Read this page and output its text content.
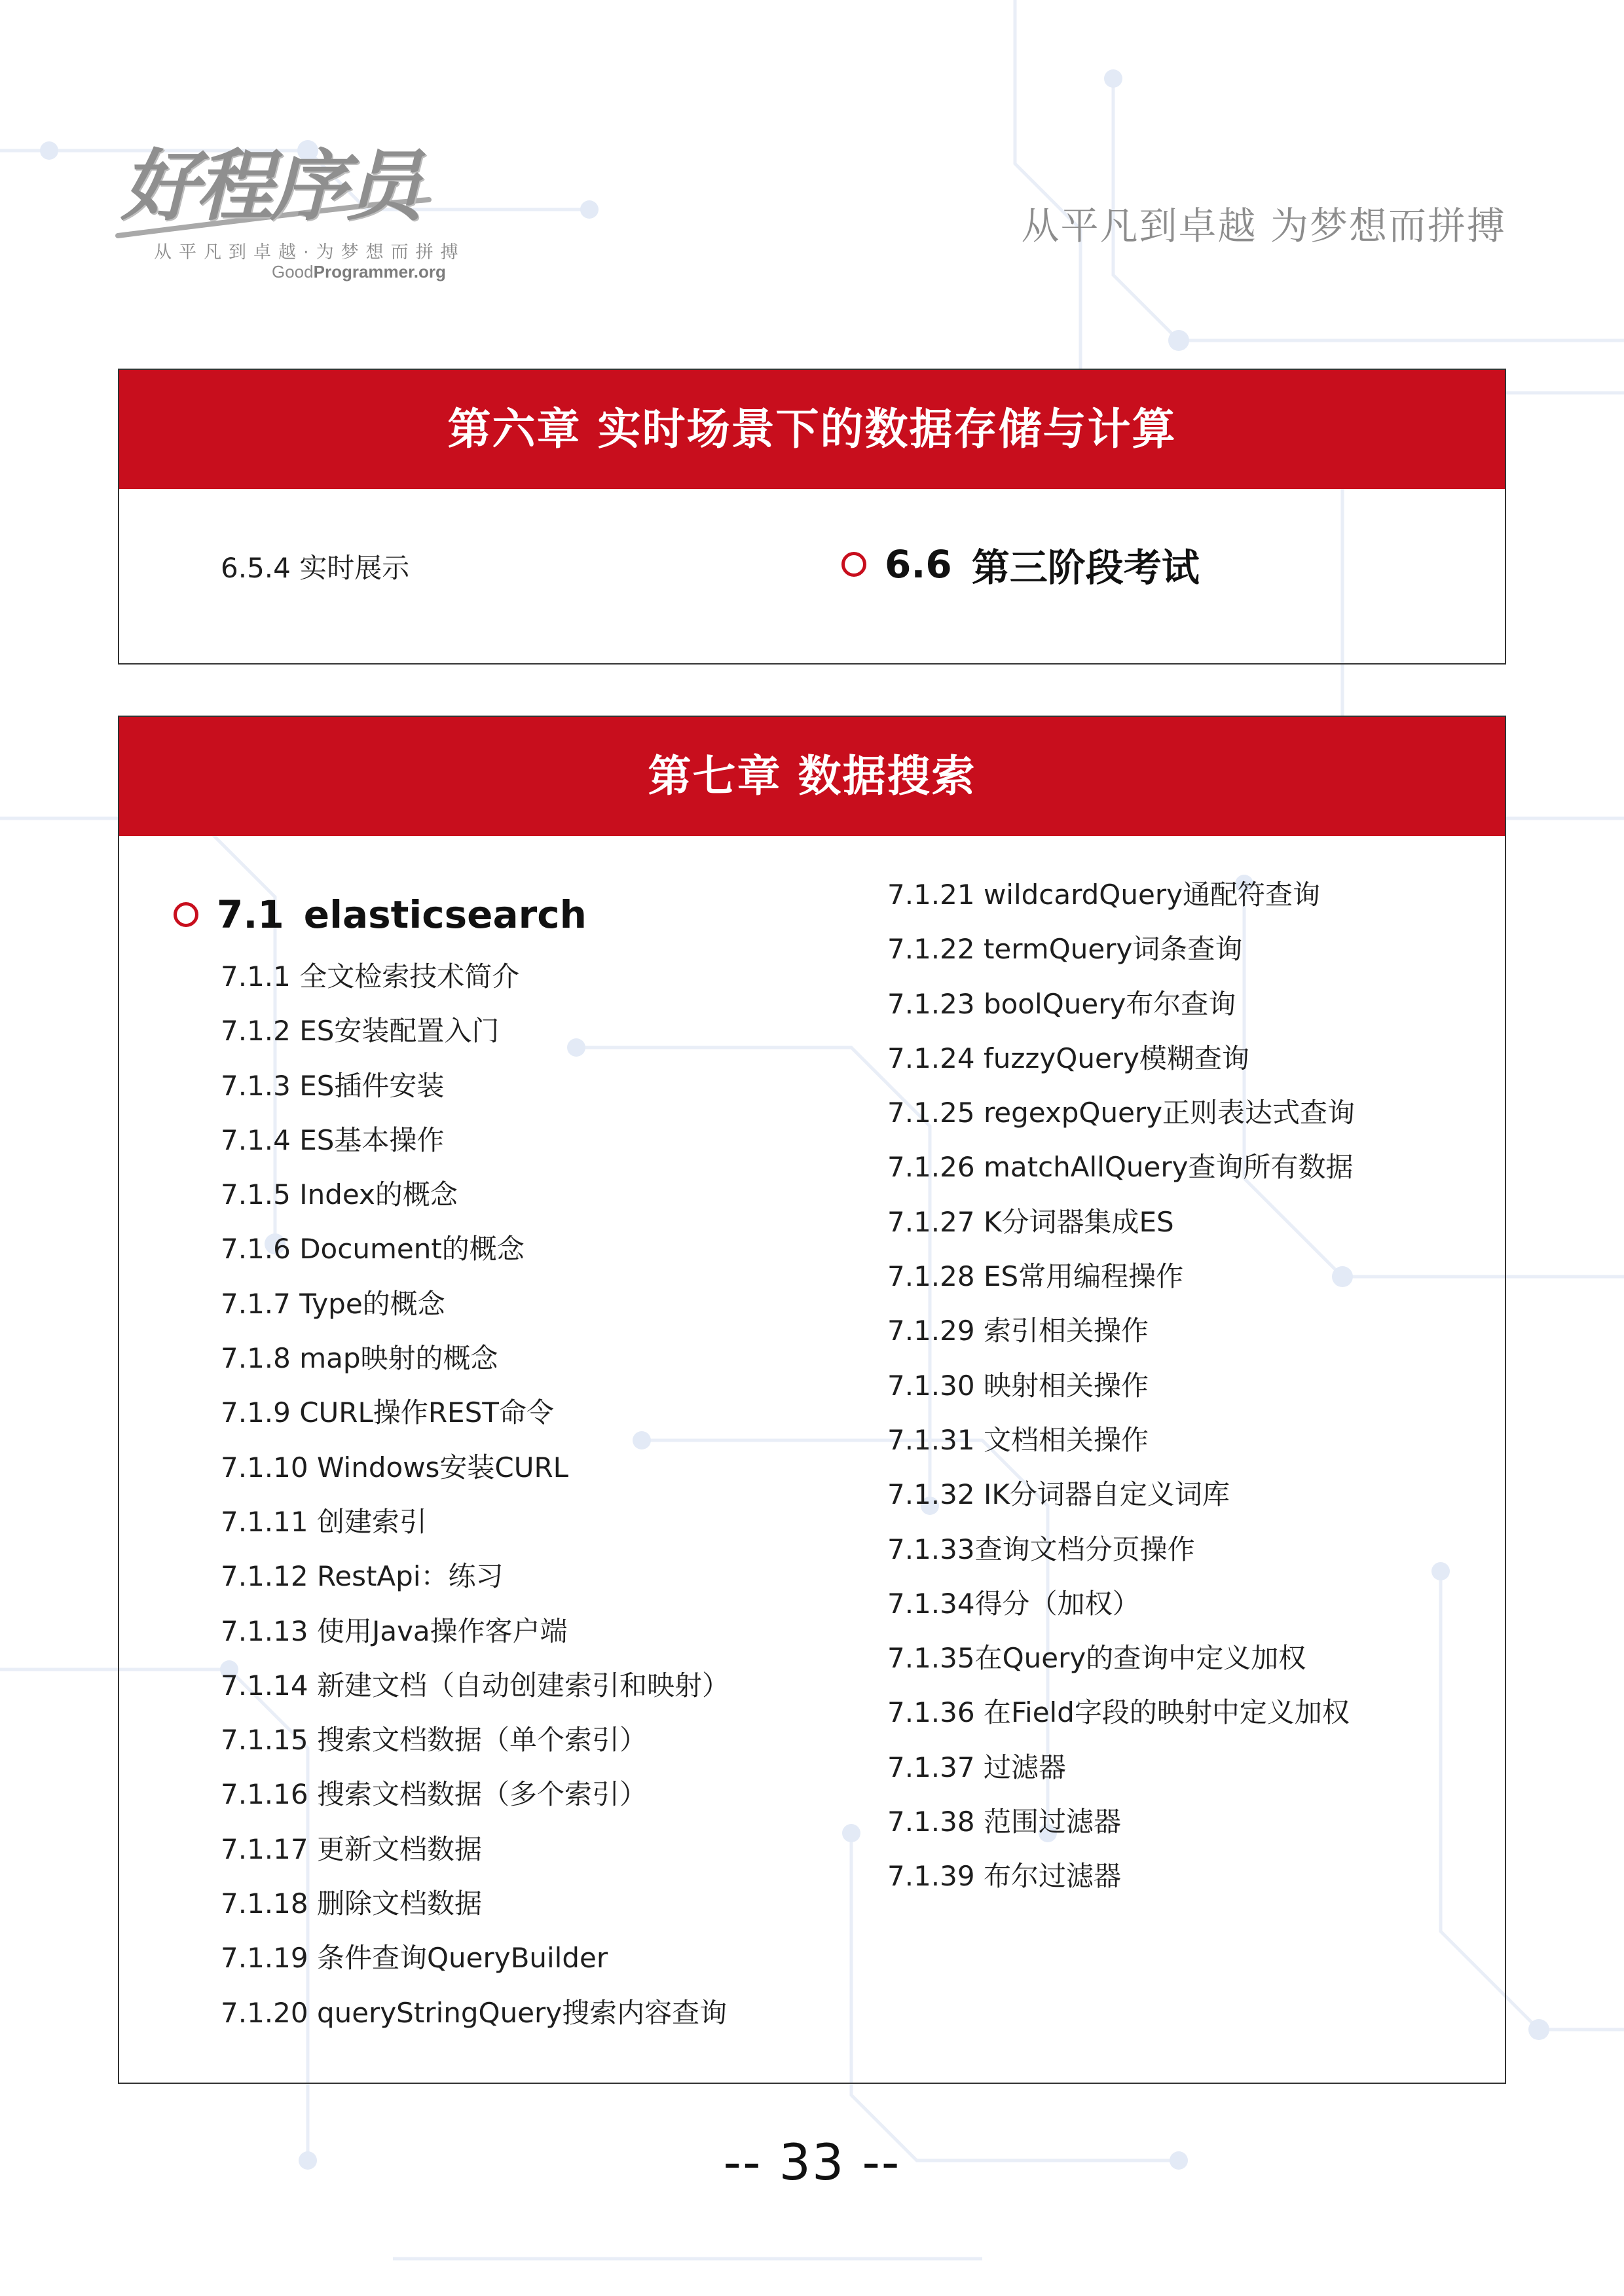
好程序员
从平凡到卓越·为梦想而拼搏
GoodProgrammer.org
从平凡到卓越 为梦想而拼搏
第六章 实时场景下的数据存储与计算
6.5.4 实时展示	6.6 第三阶段考试
第七章 数据搜索
7.1 elasticsearch
7.1.1 全文检索技术简介
7.1.2 ES安装配置入门
7.1.3 ES插件安装
7.1.4 ES基本操作
7.1.5 Index的概念
7.1.6 Document的概念
7.1.7 Type的概念
7.1.8 map映射的概念
7.1.9 CURL操作REST命令
7.1.10 Windows安装CURL
7.1.11 创建索引
7.1.12 RestApi：练习
7.1.13 使用Java操作客户端
7.1.14 新建文档（自动创建索引和映射）
7.1.15 搜索文档数据（单个索引）
7.1.16 搜索文档数据（多个索引）
7.1.17 更新文档数据
7.1.18 删除文档数据
7.1.19 条件查询QueryBuilder
7.1.20 queryStringQuery搜索内容查询
7.1.21 wildcardQuery通配符查询
7.1.22 termQuery词条查询
7.1.23 boolQuery布尔查询
7.1.24 fuzzyQuery模糊查询
7.1.25 regexpQuery正则表达式查询
7.1.26 matchAllQuery查询所有数据
7.1.27 K分词器集成ES
7.1.28 ES常用编程操作
7.1.29 索引相关操作
7.1.30 映射相关操作
7.1.31 文档相关操作
7.1.32 IK分词器自定义词库
7.1.33查询文档分页操作
7.1.34得分（加权）
7.1.35在Query的查询中定义加权
7.1.36 在Field字段的映射中定义加权
7.1.37 过滤器
7.1.38 范围过滤器
7.1.39 布尔过滤器
-- 33 --
